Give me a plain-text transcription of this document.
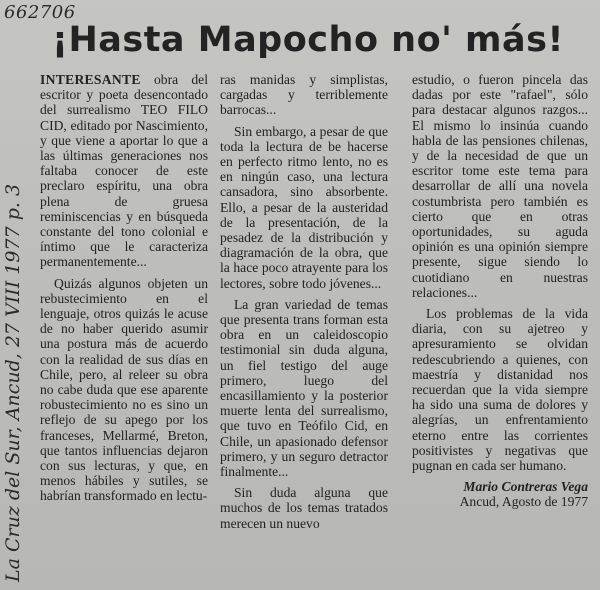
662706
¡Hasta Mapocho no' más!
La Cruz del Sur, Ancud, 27 VIII 1977 p. 3

INTERESANTE obra del escritor y poeta desencontado del surrealismo TEO FILO CID, editado por Nascimiento, y que viene a aportar lo que a las últimas generaciones nos faltaba conocer de este preclaro espíritu, una obra plena de gruesa reminiscencias y en búsqueda constante del tono colonial e íntimo que le caracteriza permanentemente...

Quizás algunos objeten un rebustecimiento en el lenguaje, otros quizás le acuse de no haber querido asumir una postura más de acuerdo con la realidad de sus días en Chile, pero, al releer su obra no cabe duda que ese aparente robustecimiento no es sino un reflejo de su apego por los franceses, Mellarmé, Breton, que tantos influencias dejaron con sus lecturas, y que, en menos hábiles y sutiles, se habrían transformado en lectu-

ras manidas y simplistas, cargadas y terriblemente barrocas...

Sin embargo, a pesar de que toda la lectura de be hacerse en perfecto ritmo lento, no es en ningún caso, una lectura cansadora, sino absorbente. Ello, a pesar de la austeridad de la presentación, de la pesadez de la distribución y diagramación de la obra, que la hace poco atrayente para los lectores, sobre todo jóvenes...

La gran variedad de temas que presenta trans forman esta obra en un caleidoscopio testimonial sin duda alguna, un fiel testigo del auge primero, luego del encasillamiento y la posterior muerte lenta del surrealismo, que tuvo en Teófilo Cid, en Chile, un apasionado defensor primero, y un seguro detractor finalmente...

Sin duda alguna que muchos de los temas tratados merecen un nuevo

estudio, o fueron pincela das dadas por este "rafael", sólo para destacar algunos razgos... El mismo lo insinúa cuando habla de las pensiones chilenas, y de la necesidad de que un escritor tome este tema para desarrollar de allí una novela costumbrista pero también es cierto que en otras oportunidades, su aguda opinión es una opinión siempre presente, sigue siendo lo cuotidiano en nuestras relaciones...

Los problemas de la vida diaria, con su ajetreo y apresuramiento se olvidan redescubriendo a quienes, con maestría y distanidad nos recuerdan que la vida siempre ha sido una suma de dolores y alegrías, un enfrentamiento eterno entre las corrientes positivistes y negativas que pugnan en cada ser humano.

Mario Contreras Vega
Ancud, Agosto de 1977
